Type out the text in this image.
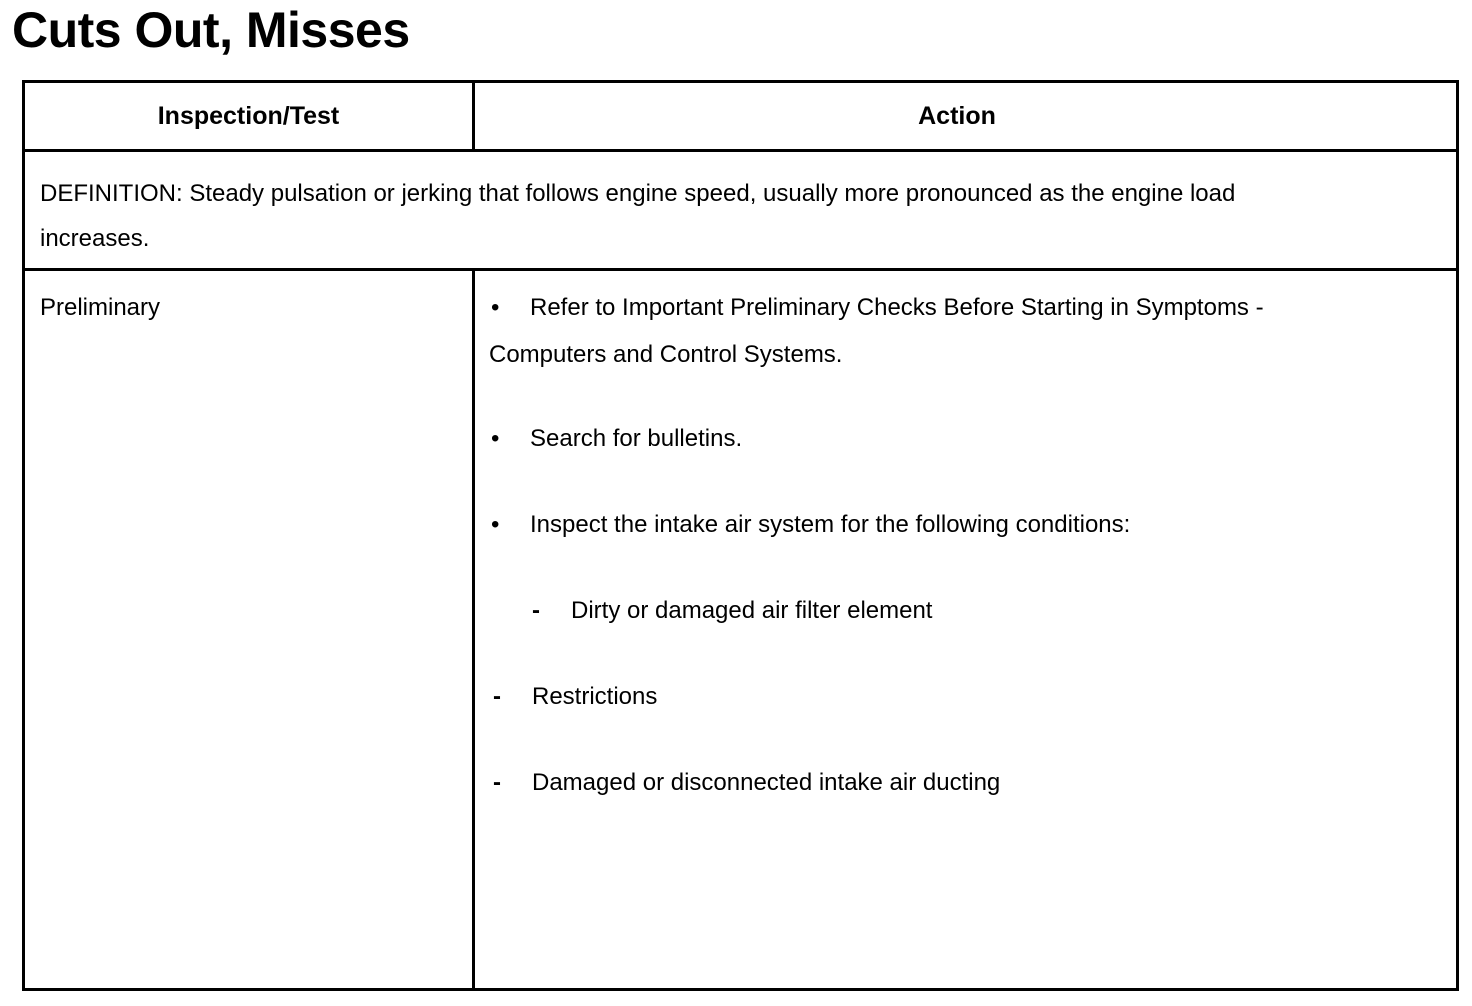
Cuts Out, Misses
Inspection/Test	Action
DEFINITION: Steady pulsation or jerking that follows engine speed, usually more pronounced as the engine load increases.
Preliminary	• Refer to Important Preliminary Checks Before Starting in Symptoms -
Computers and Control Systems.
• Search for bulletins.
• Inspect the intake air system for the following conditions:
- Dirty or damaged air filter element
- Restrictions
- Damaged or disconnected intake air ducting
